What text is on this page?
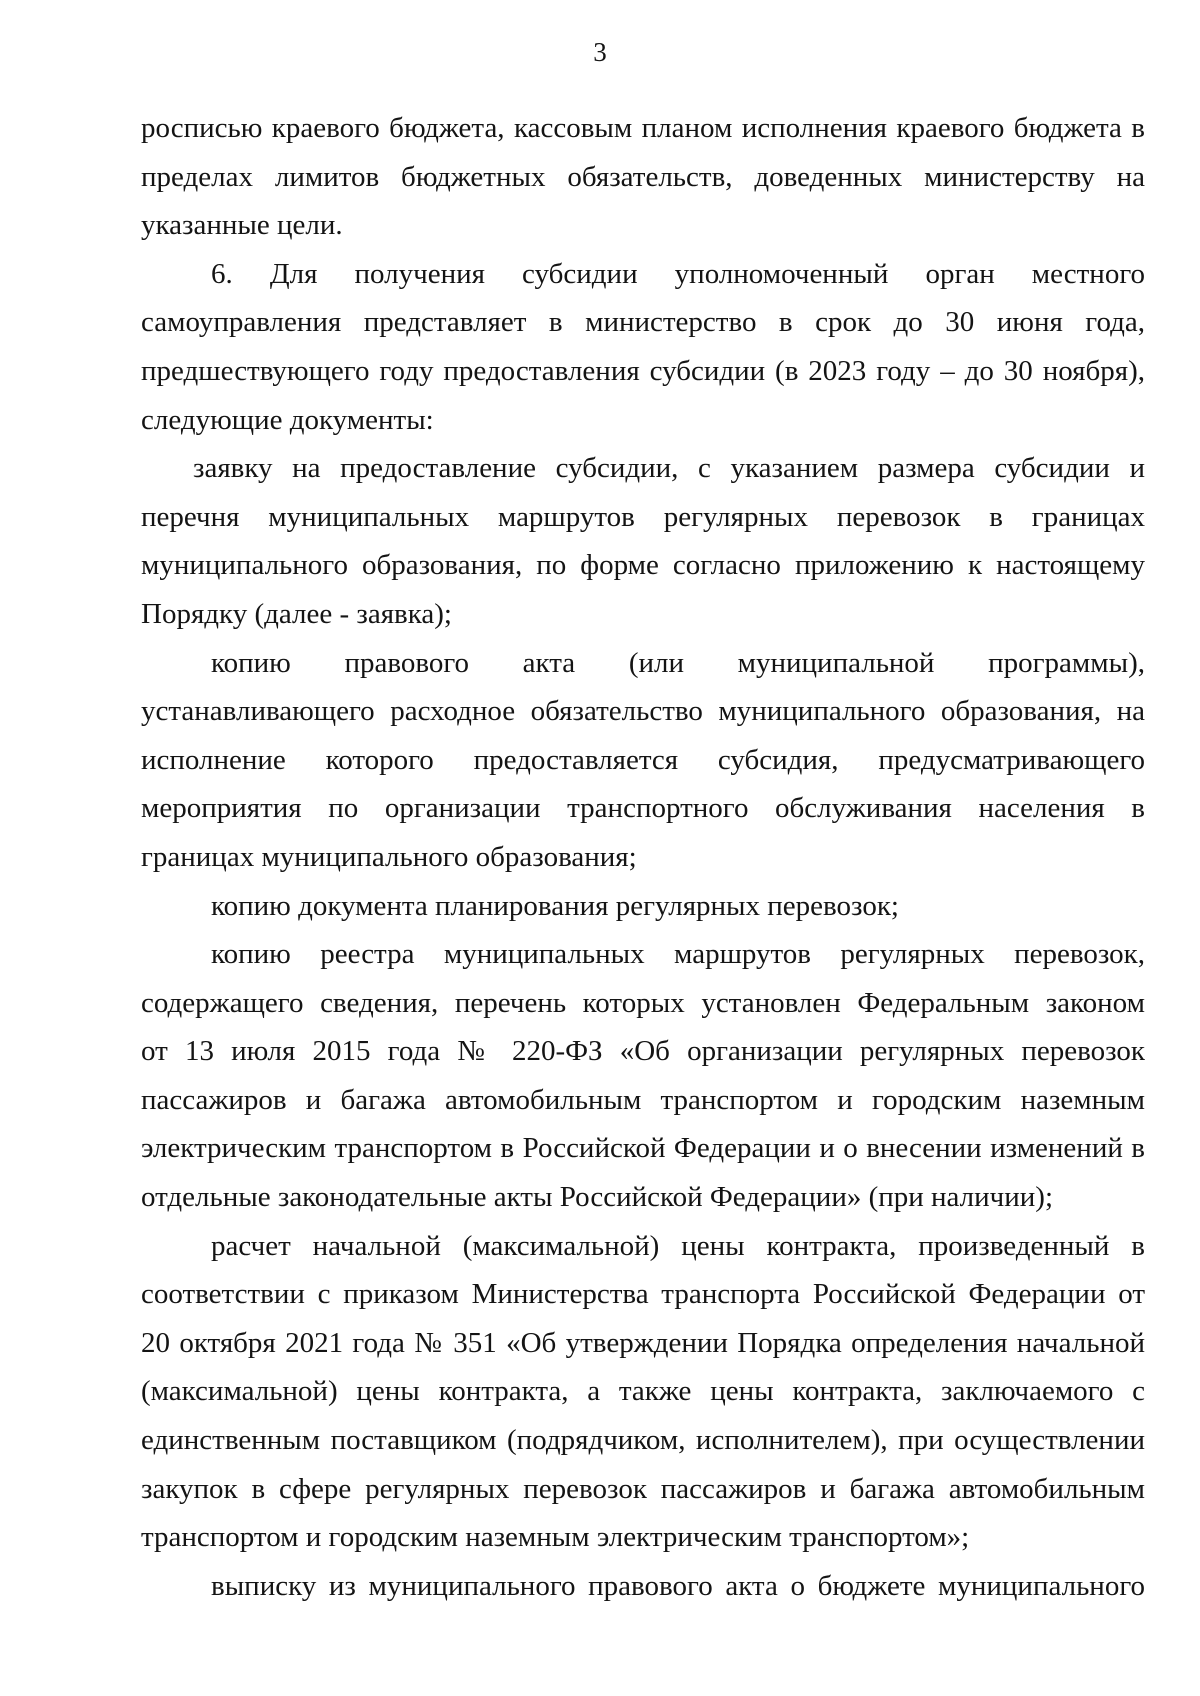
3

росписью краевого бюджета, кассовым планом исполнения краевого бюджета в

пределах лимитов бюджетных обязательств, доведенных министерству на

указанные цели.

6. Для получения субсидии уполномоченный орган местного

самоуправления представляет в министерство в срок до 30 июня года,

предшествующего году предоставления субсидии (в 2023 году – до 30 ноября),

следующие документы:

заявку на предоставление субсидии, с указанием размера субсидии и

перечня муниципальных маршрутов регулярных перевозок в границах

муниципального образования, по форме согласно приложению к настоящему

Порядку (далее - заявка);

копию правового акта (или муниципальной программы),

устанавливающего расходное обязательство муниципального образования, на

исполнение которого предоставляется субсидия, предусматривающего

мероприятия по организации транспортного обслуживания населения в

границах муниципального образования;

копию документа планирования регулярных перевозок;

копию реестра муниципальных маршрутов регулярных перевозок,

содержащего сведения, перечень которых установлен Федеральным законом

от 13 июля 2015 года № 220-ФЗ «Об организации регулярных перевозок

пассажиров и багажа автомобильным транспортом и городским наземным

электрическим транспортом в Российской Федерации и о внесении изменений в

отдельные законодательные акты Российской Федерации» (при наличии);

расчет начальной (максимальной) цены контракта, произведенный в

соответствии с приказом Министерства транспорта Российской Федерации от

20 октября 2021 года № 351 «Об утверждении Порядка определения начальной

(максимальной) цены контракта, а также цены контракта, заключаемого с

единственным поставщиком (подрядчиком, исполнителем), при осуществлении

закупок в сфере регулярных перевозок пассажиров и багажа автомобильным

транспортом и городским наземным электрическим транспортом»;

выписку из муниципального правового акта о бюджете муниципального
